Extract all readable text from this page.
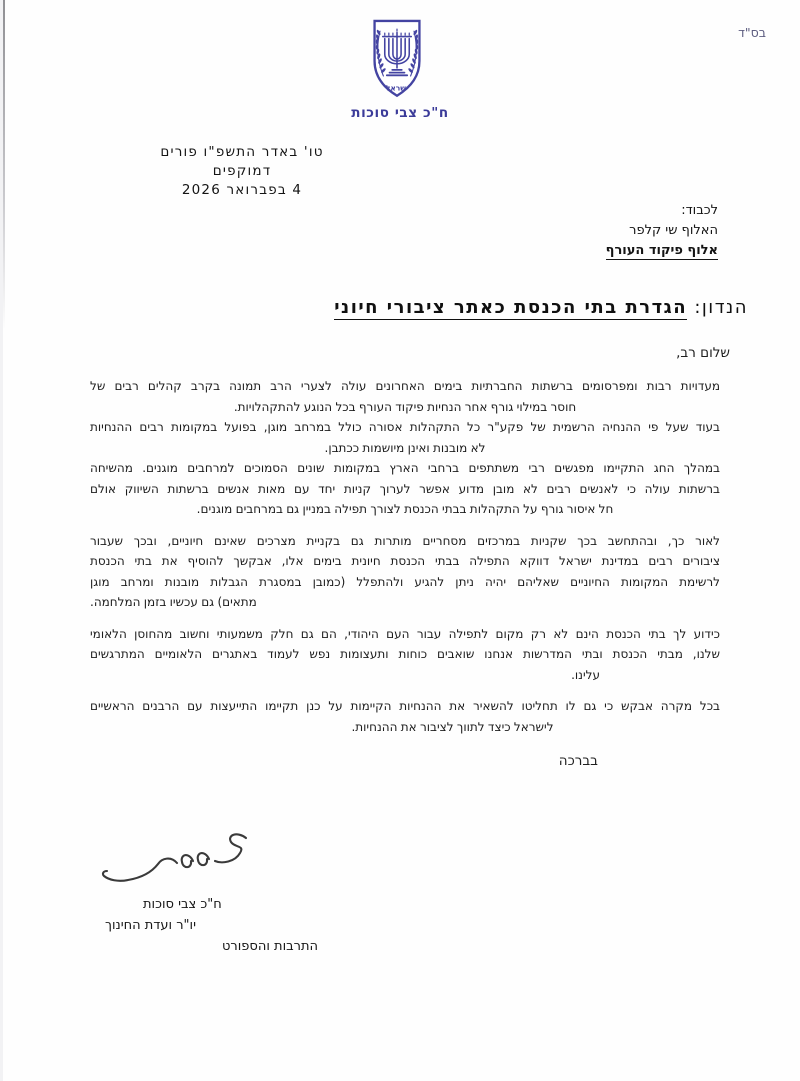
בס"ד
ישראל
ח"כ צבי סוכות
טו' באדר התשפ"ו פורים
דמוקפים
4 בפברואר 2026
לכבוד:
האלוף שי קלפר
אלוף פיקוד העורף
הנדון: הגדרת בתי הכנסת כאתר ציבורי חיוני
שלום רב,
מעדויות רבות ומפרסומים ברשתות החברתיות בימים האחרונים עולה לצערי הרב תמונה בקרב קהלים רבים של
חוסר במילוי גורף אחר הנחיות פיקוד העורף בכל הנוגע להתקהלויות.
בעוד שעל פי ההנחיה הרשמית של פקע"ר כל התקהלות אסורה כולל במרחב מוגן, בפועל במקומות רבים ההנחיות
לא מובנות ואינן מיושמות ככתבן.
במהלך החג התקיימו מפגשים רבי משתתפים ברחבי הארץ במקומות שונים הסמוכים למרחבים מוגנים. מהשיחה
ברשתות עולה כי לאנשים רבים לא מובן מדוע אפשר לערוך קניות יחד עם מאות אנשים ברשתות השיווק אולם
חל איסור גורף על התקהלות בבתי הכנסת לצורך תפילה במניין גם במרחבים מוגנים.
לאור כך, ובהתחשב בכך שקניות במרכזים מסחריים מותרות גם בקניית מצרכים שאינם חיוניים, ובכך שעבור
ציבורים רבים במדינת ישראל דווקא התפילה בבתי הכנסת חיונית בימים אלו, אבקשך להוסיף את בתי הכנסת
לרשימת המקומות החיוניים שאליהם יהיה ניתן להגיע ולהתפלל (כמובן במסגרת הגבלות מובנות ומרחב מוגן
מתאים) גם עכשיו בזמן המלחמה.
כידוע לך בתי הכנסת הינם לא רק מקום לתפילה עבור העם היהודי, הם גם חלק משמעותי וחשוב מהחוסן הלאומי
שלנו, מבתי הכנסת ובתי המדרשות אנחנו שואבים כוחות ותעצומות נפש לעמוד באתגרים הלאומיים המתרגשים
עלינו.
בכל מקרה אבקש כי גם לו תחליטו להשאיר את ההנחיות הקיימות על כנן תקיימו התייעצות עם הרבנים הראשיים
לישראל כיצד לתווך לציבור את ההנחיות.
בברכה
ח"כ צבי סוכות
יו"ר ועדת החינוך
התרבות והספורט
